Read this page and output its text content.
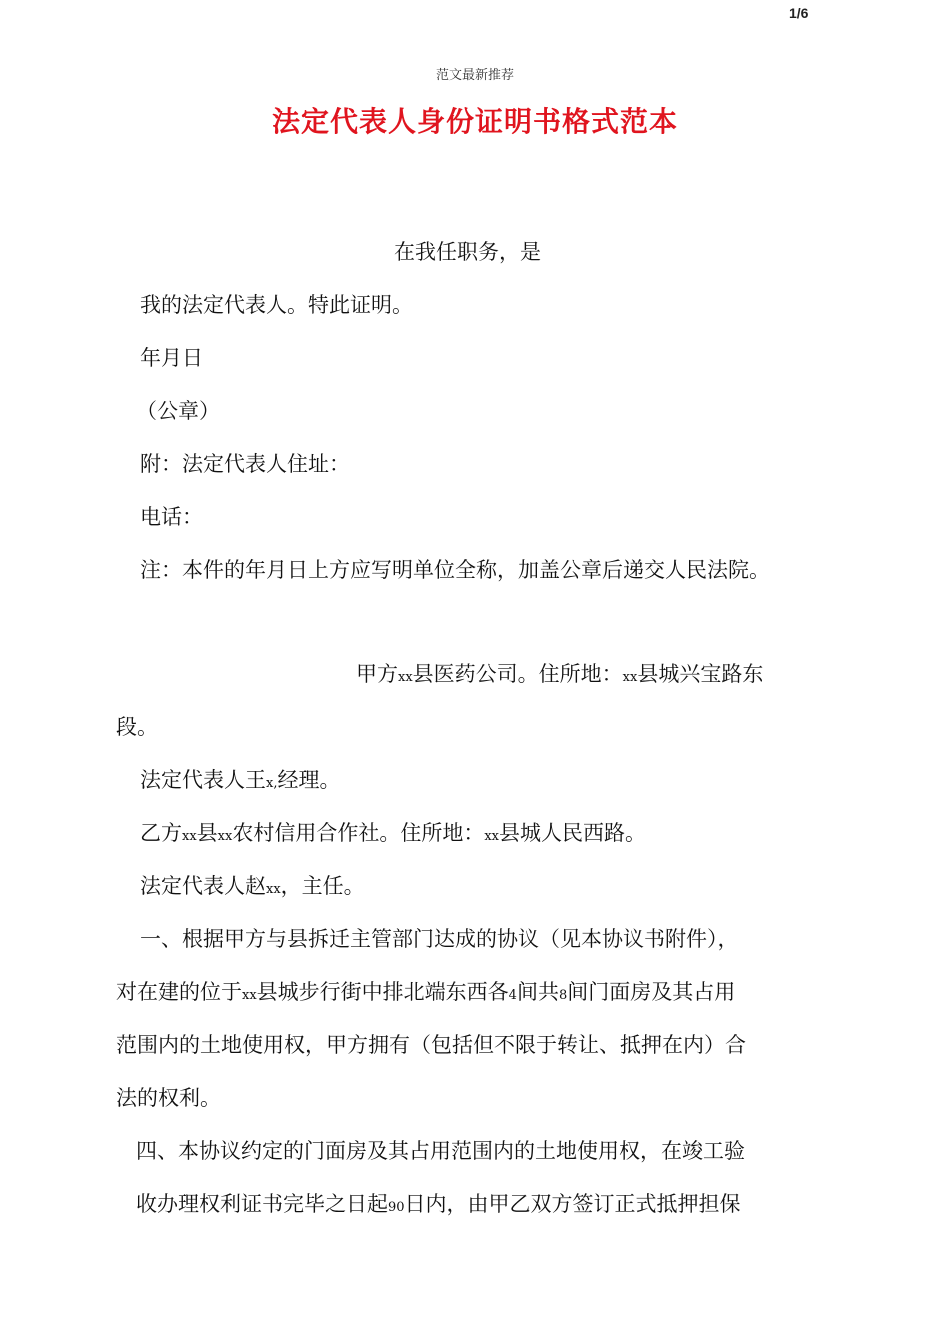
1/6
范文最新推荐
法定代表人身份证明书格式范本
在我任职务，是
我的法定代表人。特此证明。
年月日
（公章）
附：法定代表人住址：
电话：
注：本件的年月日上方应写明单位全称，加盖公章后递交人民法院。
甲方xx县医药公司。住所地：xx县城兴宝路东
段。
法定代表人王x,经理。
乙方xx县xx农村信用合作社。住所地：xx县城人民西路。
法定代表人赵xx，主任。
一、根据甲方与县拆迁主管部门达成的协议（见本协议书附件），
对在建的位于xx县城步行街中排北端东西各4间共8间门面房及其占用
范围内的土地使用权，甲方拥有（包括但不限于转让、抵押在内）合
法的权利。
四、本协议约定的门面房及其占用范围内的土地使用权，在竣工验
收办理权利证书完毕之日起90日内，由甲乙双方签订正式抵押担保
